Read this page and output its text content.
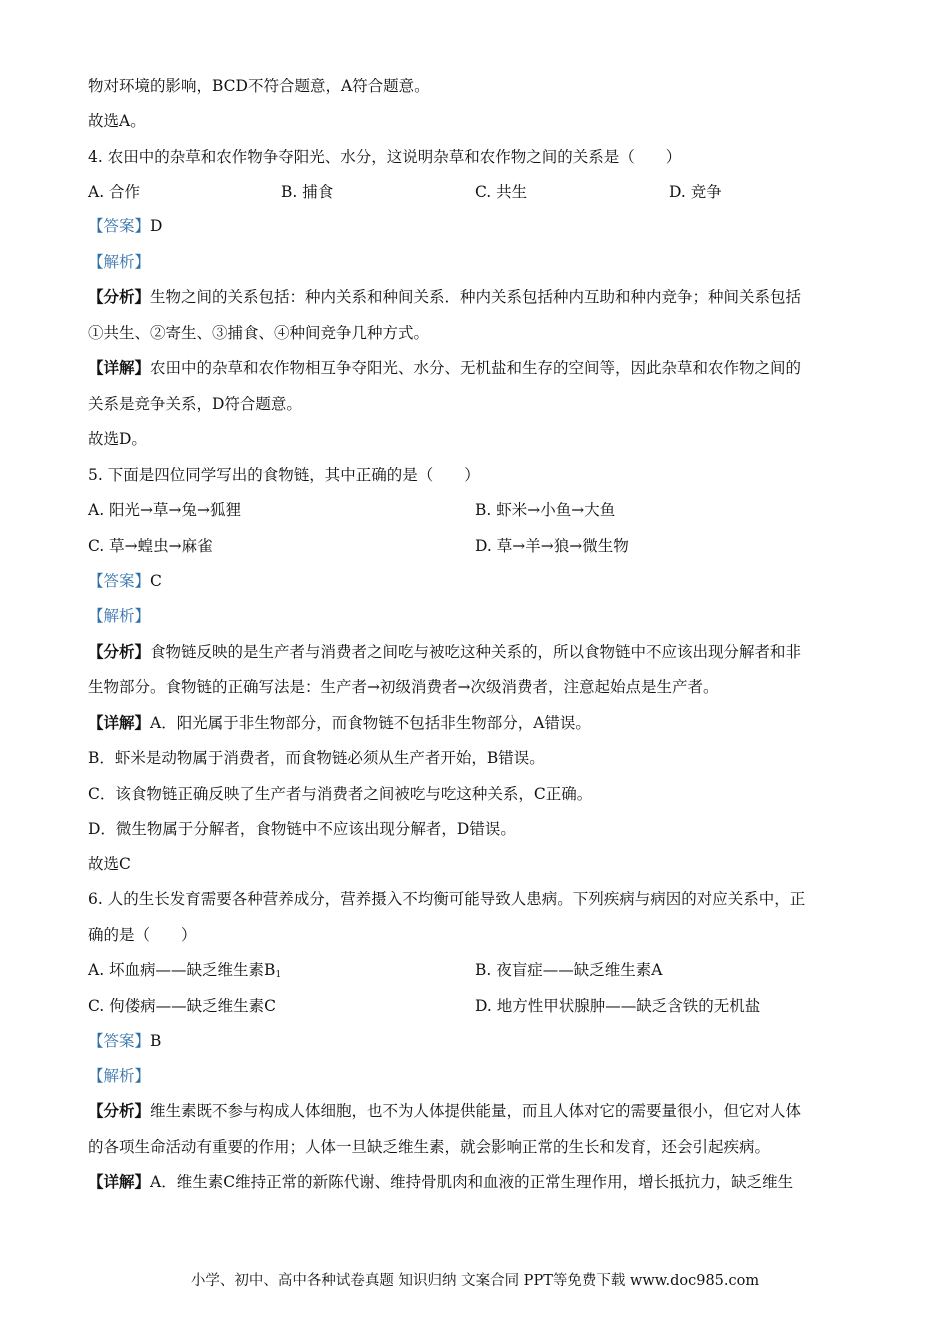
物对环境的影响，BCD不符合题意，A符合题意。
故选A。
4. 农田中的杂草和农作物争夺阳光、水分，这说明杂草和农作物之间的关系是（　　）
A. 合作	B. 捕食	C. 共生	D. 竞争
【答案】D
【解析】
【分析】生物之间的关系包括：种内关系和种间关系．种内关系包括种内互助和种内竞争；种间关系包括
①共生、②寄生、③捕食、④种间竞争几种方式。
【详解】农田中的杂草和农作物相互争夺阳光、水分、无机盐和生存的空间等，因此杂草和农作物之间的
关系是竞争关系，D符合题意。
故选D。
5. 下面是四位同学写出的食物链，其中正确的是（　　）
A. 阳光→草→兔→狐狸	B. 虾米→小鱼→大鱼
C. 草→蝗虫→麻雀	D. 草→羊→狼→微生物
【答案】C
【解析】
【分析】食物链反映的是生产者与消费者之间吃与被吃这种关系的，所以食物链中不应该出现分解者和非
生物部分。食物链的正确写法是：生产者→初级消费者→次级消费者，注意起始点是生产者。
【详解】A．阳光属于非生物部分，而食物链不包括非生物部分，A错误。
B．虾米是动物属于消费者，而食物链必须从生产者开始，B错误。
C．该食物链正确反映了生产者与消费者之间被吃与吃这种关系，C正确。
D．微生物属于分解者，食物链中不应该出现分解者，D错误。
故选C
6. 人的生长发育需要各种营养成分，营养摄入不均衡可能导致人患病。下列疾病与病因的对应关系中，正
确的是（　　）
A. 坏血病——缺乏维生素$B_1$	B. 夜盲症——缺乏维生素A
C. 佝偻病——缺乏维生素C	D. 地方性甲状腺肿——缺乏含铁的无机盐
【答案】B
【解析】
【分析】维生素既不参与构成人体细胞，也不为人体提供能量，而且人体对它的需要量很小，但它对人体
的各项生命活动有重要的作用；人体一旦缺乏维生素，就会影响正常的生长和发育，还会引起疾病。
【详解】A．维生素C维持正常的新陈代谢、维持骨肌肉和血液的正常生理作用，增长抵抗力，缺乏维生
小学、初中、高中各种试卷真题 知识归纳 文案合同 PPT等免费下载 www.doc985.com
